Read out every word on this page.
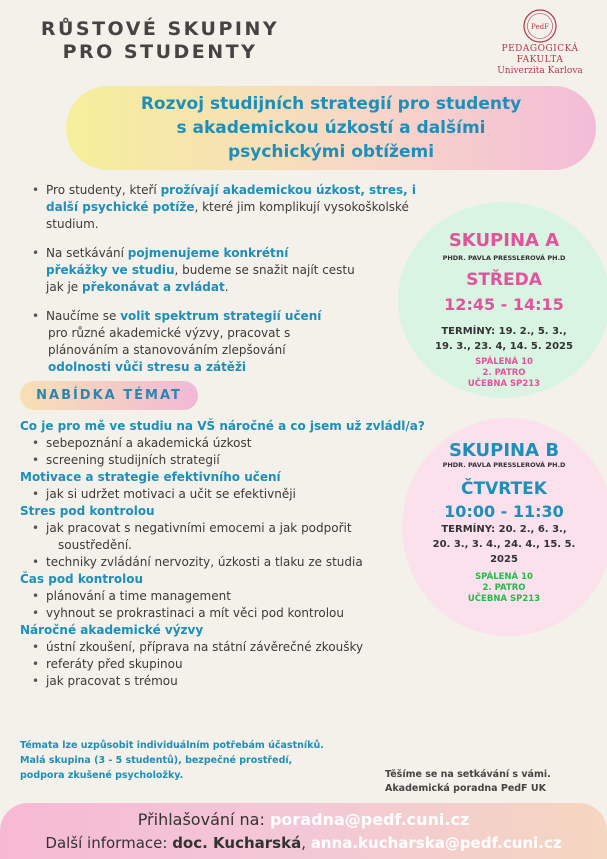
RŮSTOVÉ SKUPINY
PRO STUDENTY
PedF
PEDAGOGICKÁ
FAKULTA
Univerzita Karlova
Rozvoj studijních strategií pro studenty
s akademickou úzkostí a dalšími
psychickými obtížemi
• Pro studenty, kteří prožívají akademickou úzkost, stres, i
další psychické potíže, které jim komplikují vysokoškolské
studium.
• Na setkávání pojmenujeme konkrétní
překážky ve studiu, budeme se snažit najít cestu
jak je překonávat a zvládat.
• Naučíme se volit spektrum strategií učení
pro různé akademické výzvy, pracovat s
plánováním a stanovováním zlepšování
odolnosti vůči stresu a zátěži
SKUPINA A
PHDR. PAVLA PRESSLEROVÁ PH.D
STŘEDA
12:45 - 14:15
TERMÍNY: 19. 2., 5. 3.,
19. 3., 23. 4, 14. 5. 2025
SPÁLENÁ 10
2. PATRO
UČEBNA SP213
SKUPINA B
PHDR. PAVLA PRESSLEROVÁ PH.D
ČTVRTEK
10:00 - 11:30
TERMÍNY: 20. 2., 6. 3.,
20. 3., 3. 4., 24. 4., 15. 5.
2025
SPÁLENÁ 10
2. PATRO
UČEBNA SP213
NABÍDKA TÉMAT
Co je pro mě ve studiu na VŠ náročné a co jsem už zvládl/a?
• sebepoznání a akademická úzkost
• screening studijních strategií
Motivace a strategie efektivního učení
• jak si udržet motivaci a učit se efektivněji
Stres pod kontrolou
• jak pracovat s negativními emocemi a jak podpořit
soustředění.
• techniky zvládání nervozity, úzkosti a tlaku ze studia
Čas pod kontrolou
• plánování a time management
• vyhnout se prokrastinaci a mít věci pod kontrolou
Náročné akademické výzvy
• ústní zkoušení, příprava na státní závěrečné zkoušky
• referáty před skupinou
• jak pracovat s trémou
Témata lze uzpůsobit individuálním potřebám účastníků.
Malá skupina (3 - 5 studentů), bezpečné prostředí,
podpora zkušené psycholožky.	Těšíme se na setkávání s vámi.
Akademická poradna PedF UK
Přihlašování na: poradna@pedf.cuni.cz
Další informace: doc. Kucharská, anna.kucharska@pedf.cuni.cz
